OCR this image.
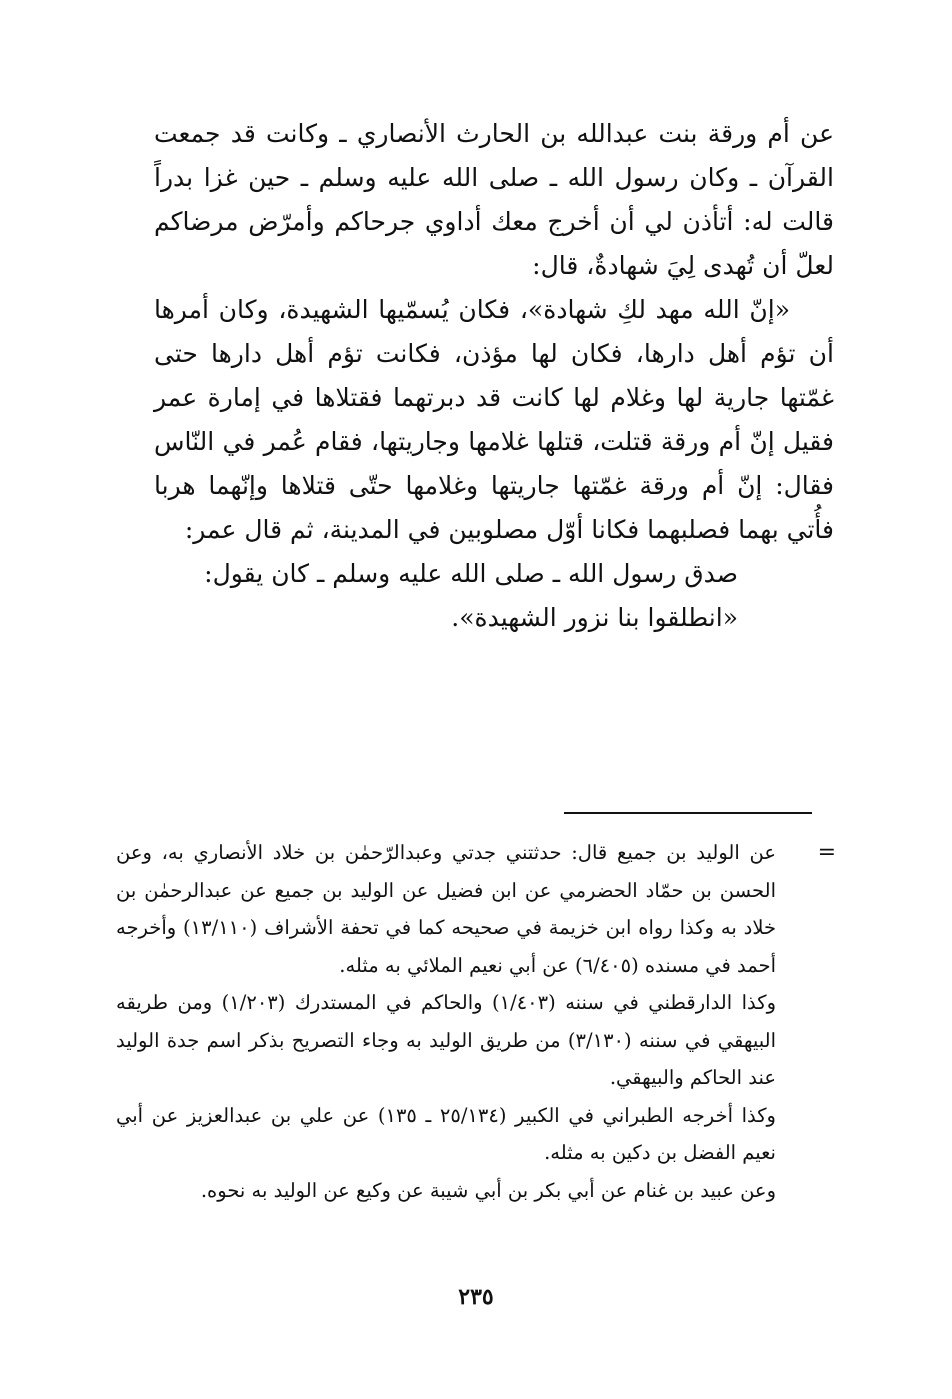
عن أم ورقة بنت عبدالله بن الحارث الأنصاري ـ وكانت قد جمعت القرآن ـ وكان رسول الله ـ صلى الله عليه وسلم ـ حين غزا بدراً قالت له: أتأذن لي أن أخرج معك أداوي جرحاكم وأمرّض مرضاكم لعلّ أن تُهدى لِيَ شهادةٌ، قال:

«إنّ الله مهد لكِ شهادة»، فكان يُسمّيها الشهيدة، وكان أمرها أن تؤم أهل دارها، فكان لها مؤذن، فكانت تؤم أهل دارها حتى غمّتها جارية لها وغلام لها كانت قد دبرتهما فقتلاها في إمارة عمر فقيل إنّ أم ورقة قتلت، قتلها غلامها وجاريتها، فقام عُمر في النّاس فقال: إنّ أم ورقة غمّتها جاريتها وغلامها حتّى قتلاها وإنّهما هربا فأُتي بهما فصلبهما فكانا أوّل مصلوبين في المدينة، ثم قال عمر:

صدق رسول الله ـ صلى الله عليه وسلم ـ كان يقول:

«انطلقوا بنا نزور الشهيدة».

=

عن الوليد بن جميع قال: حدثتني جدتي وعبدالرّحمٰن بن خلاد الأنصاري به، وعن الحسن بن حمّاد الحضرمي عن ابن فضيل عن الوليد بن جميع عن عبدالرحمٰن بن خلاد به وكذا رواه ابن خزيمة في صحيحه كما في تحفة الأشراف (١٣/١١٠) وأخرجه أحمد في مسنده (٦/٤٠٥) عن أبي نعيم الملائي به مثله.

وكذا الدارقطني في سننه (١/٤٠٣) والحاكم في المستدرك (١/٢٠٣) ومن طريقه البيهقي في سننه (٣/١٣٠) من طريق الوليد به وجاء التصريح بذكر اسم جدة الوليد عند الحاكم والبيهقي.

وكذا أخرجه الطبراني في الكبير (٢٥/١٣٤ ـ ١٣٥) عن علي بن عبدالعزيز عن أبي نعيم الفضل بن دكين به مثله.

وعن عبيد بن غنام عن أبي بكر بن أبي شيبة عن وكيع عن الوليد به نحوه.

٢٣٥
